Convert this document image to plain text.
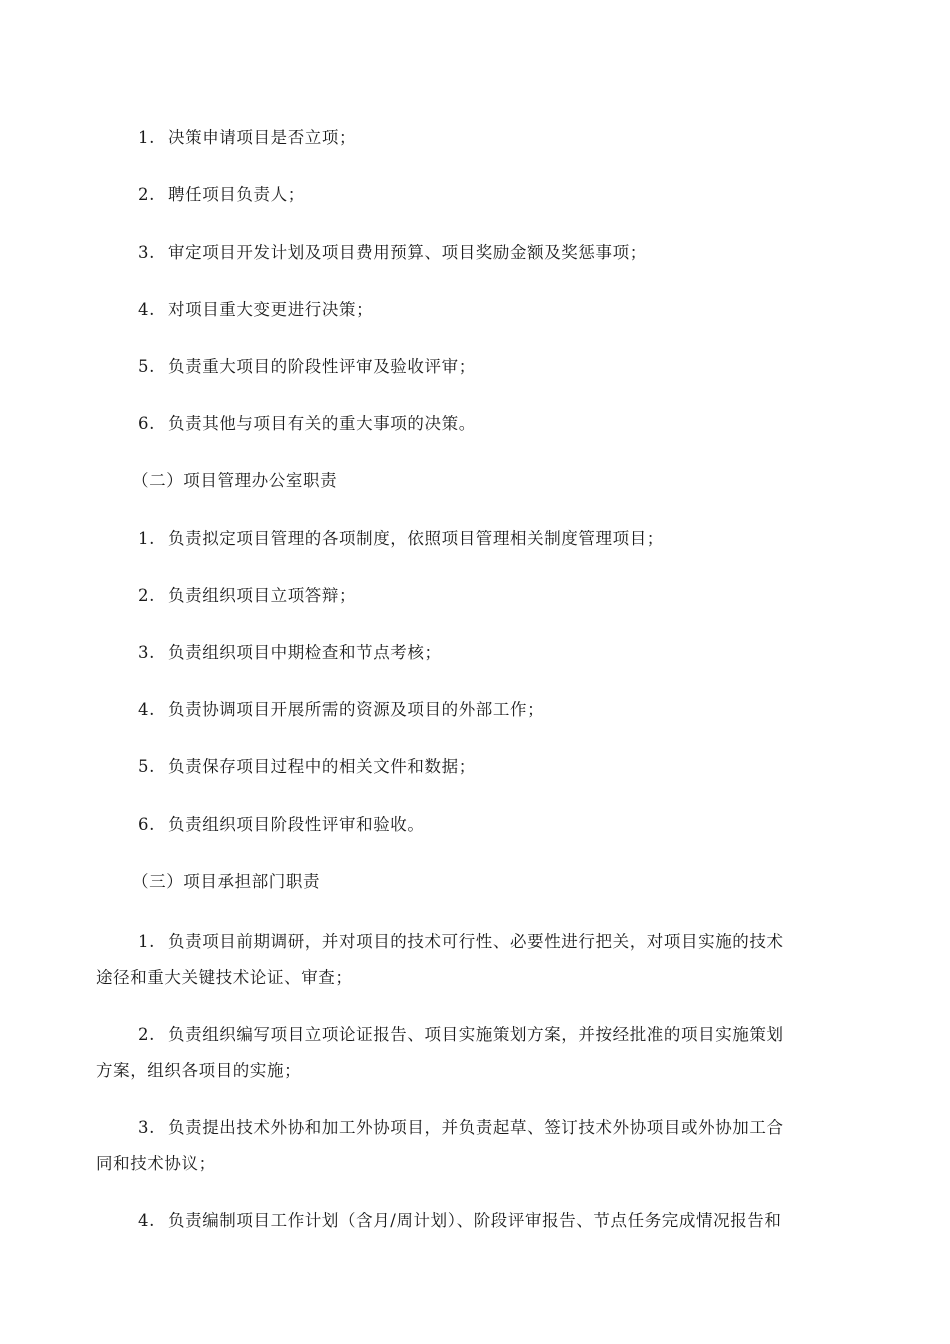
1. 决策申请项目是否立项；
2. 聘任项目负责人；
3. 审定项目开发计划及项目费用预算、项目奖励金额及奖惩事项；
4. 对项目重大变更进行决策；
5. 负责重大项目的阶段性评审及验收评审；
6. 负责其他与项目有关的重大事项的决策。
（二）项目管理办公室职责
1. 负责拟定项目管理的各项制度，依照项目管理相关制度管理项目；
2. 负责组织项目立项答辩；
3. 负责组织项目中期检查和节点考核；
4. 负责协调项目开展所需的资源及项目的外部工作；
5. 负责保存项目过程中的相关文件和数据；
6. 负责组织项目阶段性评审和验收。
（三）项目承担部门职责
1. 负责项目前期调研，并对项目的技术可行性、必要性进行把关，对项目实施的技术
途径和重大关键技术论证、审查；
2. 负责组织编写项目立项论证报告、项目实施策划方案，并按经批准的项目实施策划
方案，组织各项目的实施；
3. 负责提出技术外协和加工外协项目，并负责起草、签订技术外协项目或外协加工合
同和技术协议；
4. 负责编制项目工作计划（含月/周计划）、阶段评审报告、节点任务完成情况报告和
